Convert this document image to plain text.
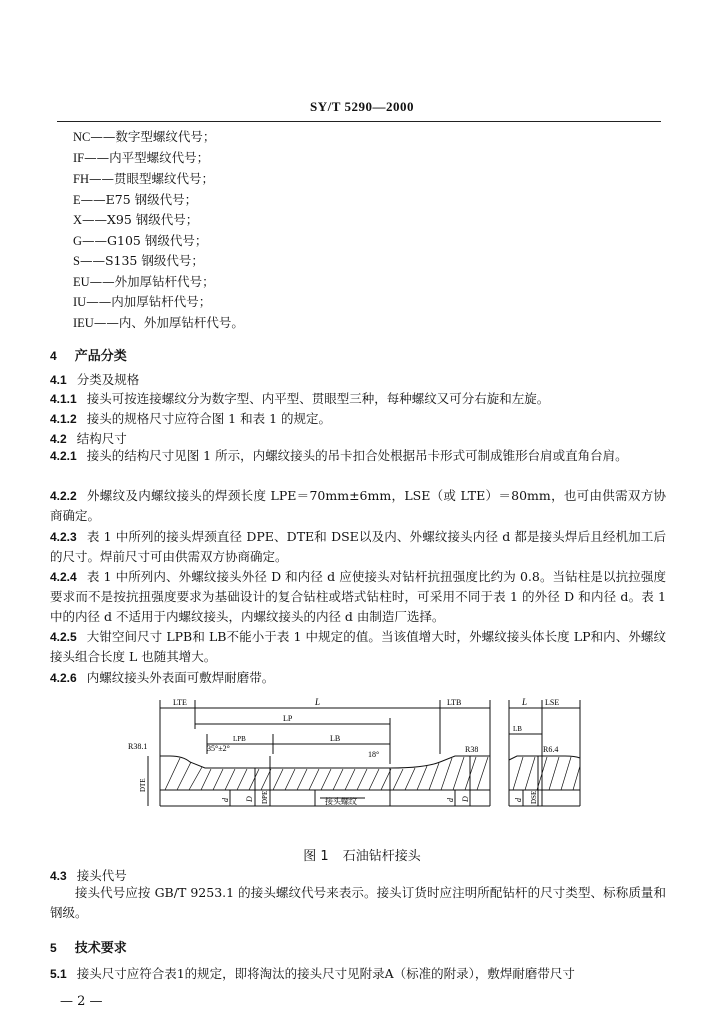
SY/T 5290—2000
NC——数字型螺纹代号；
IF——内平型螺纹代号；
FH——贯眼型螺纹代号；
E——E75 钢级代号；
X——X95 钢级代号；
G——G105 钢级代号；
S——S135 钢级代号；
EU——外加厚钻杆代号；
IU——内加厚钻杆代号；
IEU——内、外加厚钻杆代号。
4 产品分类
4.1 分类及规格
4.1.1 接头可按连接螺纹分为数字型、内平型、贯眼型三种，每种螺纹又可分右旋和左旋。
4.1.2 接头的规格尺寸应符合图 1 和表 1 的规定。
4.2 结构尺寸
4.2.1 接头的结构尺寸见图 1 所示，内螺纹接头的吊卡扣合处根据吊卡形式可制成锥形台肩或直角台肩。
4.2.2 外螺纹及内螺纹接头的焊颈长度 LPE＝70mm±6mm，LSE（或 LTE）＝80mm，也可由供需双方协商确定。
4.2.3 表 1 中所列的接头焊颈直径 DPE、DTE和 DSE以及内、外螺纹接头内径 d 都是接头焊后且经机加工后的尺寸。焊前尺寸可由供需双方协商确定。
4.2.4 表 1 中所列内、外螺纹接头外径 D 和内径 d 应使接头对钻杆抗扭强度比约为 0.8。当钻柱是以抗拉强度要求而不是按抗扭强度要求为基础设计的复合钻柱或塔式钻柱时，可采用不同于表 1 的外径 D 和内径 d。表 1 中的内径 d 不适用于内螺纹接头，内螺纹接头的内径 d 由制造厂选择。
4.2.5 大钳空间尺寸 LPB和 LB不能小于表 1 中规定的值。当该值增大时，外螺纹接头体长度 LP和内、外螺纹接头组合长度 L 也随其增大。
4.2.6 内螺纹接头外表面可敷焊耐磨带。
LTE	L	LTB	L LSE
LP
LPB	LB
LB
R38.1	35°±2°
18°
R38	R6.4
接头螺纹
DTE
d D DPE	d D	d DSE
图 1 石油钻杆接头
4.3 接头代号
接头代号应按 GB/T 9253.1 的接头螺纹代号来表示。接头订货时应注明所配钻杆的尺寸类型、标称质量和钢级。
5 技术要求
5.1 接头尺寸应符合表1的规定，即将淘汰的接头尺寸见附录A（标准的附录），敷焊耐磨带尺寸
— 2 —
